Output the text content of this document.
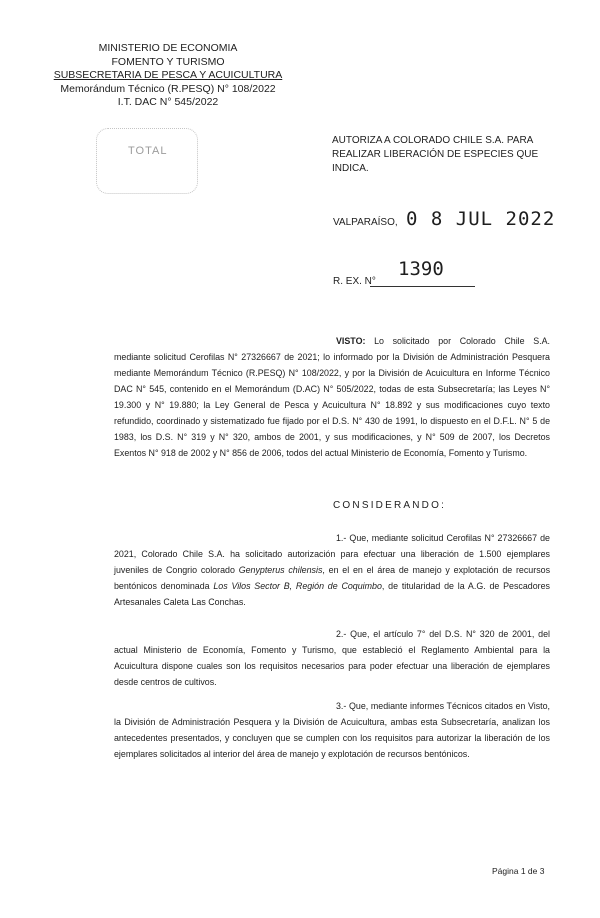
MINISTERIO DE ECONOMIA
FOMENTO Y TURISMO
SUBSECRETARIA DE PESCA Y ACUICULTURA
Memorándum Técnico (R.PESQ) N° 108/2022
I.T. DAC N° 545/2022
TOTAL
AUTORIZA A COLORADO CHILE S.A. PARA REALIZAR LIBERACIÓN DE ESPECIES QUE INDICA.
VALPARAÍSO, 0 8 JUL 2022
R. EX. N°
1390
VISTO: Lo solicitado por Colorado Chile S.A. mediante solicitud Cerofilas N° 27326667 de 2021; lo informado por la División de Administración Pesquera mediante Memorándum Técnico (R.PESQ) N° 108/2022, y por la División de Acuicultura en Informe Técnico DAC N° 545, contenido en el Memorándum (D.AC) N° 505/2022, todas de esta Subsecretaría; las Leyes N° 19.300 y N° 19.880; la Ley General de Pesca y Acuicultura N° 18.892 y sus modificaciones cuyo texto refundido, coordinado y sistematizado fue fijado por el D.S. N° 430 de 1991, lo dispuesto en el D.F.L. N° 5 de 1983, los D.S. N° 319 y N° 320, ambos de 2001, y sus modificaciones, y N° 509 de 2007, los Decretos Exentos N° 918 de 2002 y N° 856 de 2006, todos del actual Ministerio de Economía, Fomento y Turismo.
CONSIDERANDO:
1.- Que, mediante solicitud Cerofilas N° 27326667 de 2021, Colorado Chile S.A. ha solicitado autorización para efectuar una liberación de 1.500 ejemplares juveniles de Congrio colorado Genypterus chilensis, en el en el área de manejo y explotación de recursos bentónicos denominada Los Vilos Sector B, Región de Coquimbo, de titularidad de la A.G. de Pescadores Artesanales Caleta Las Conchas.
2.- Que, el artículo 7° del D.S. N° 320 de 2001, del actual Ministerio de Economía, Fomento y Turismo, que estableció el Reglamento Ambiental para la Acuicultura dispone cuales son los requisitos necesarios para poder efectuar una liberación de ejemplares desde centros de cultivos.
3.- Que, mediante informes Técnicos citados en Visto, la División de Administración Pesquera y la División de Acuicultura, ambas esta Subsecretaría, analizan los antecedentes presentados, y concluyen que se cumplen con los requisitos para autorizar la liberación de los ejemplares solicitados al interior del área de manejo y explotación de recursos bentónicos.
Página 1 de 3
